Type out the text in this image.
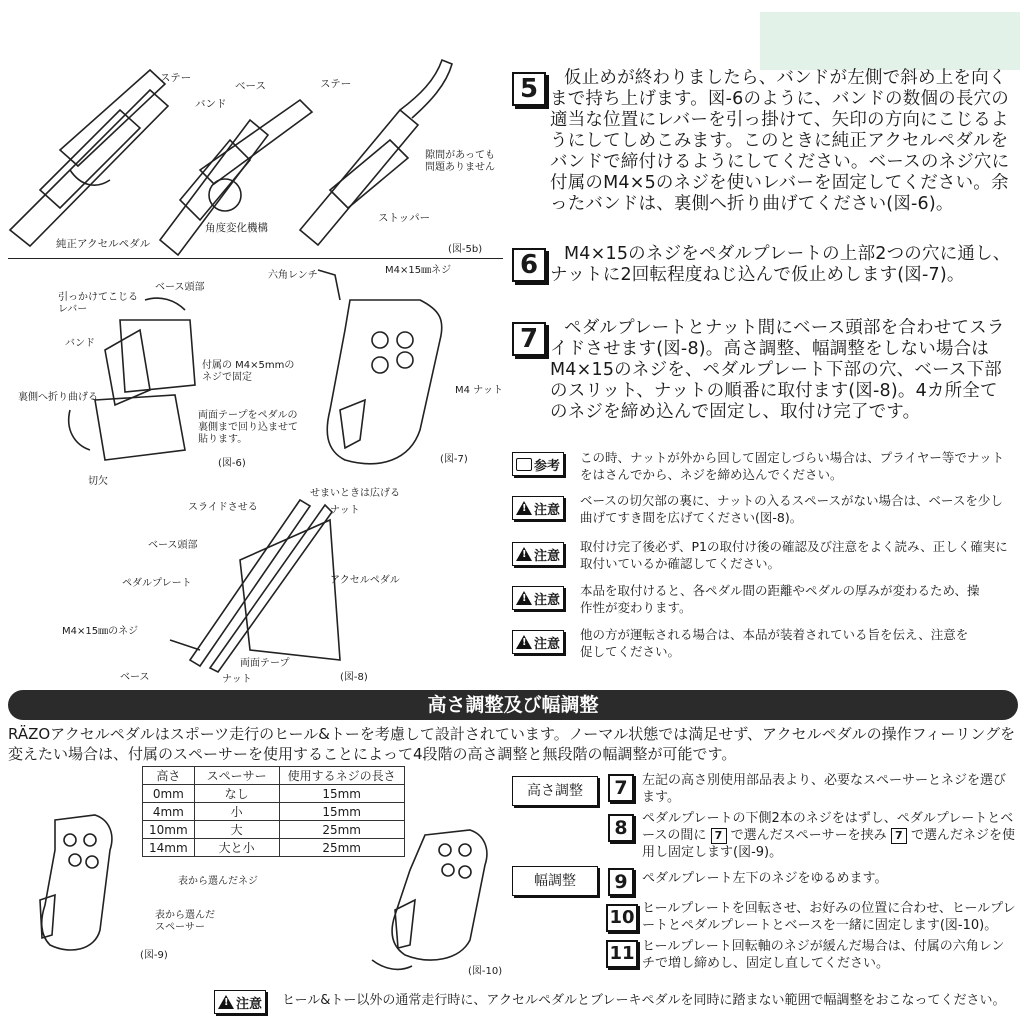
ステー
ベース
バンド
ステー
隙間があっても
問題ありません
角度変化機構
ストッパー
純正アクセルペダル	(図-5b)
ベース頭部
引っかけてこじる
レバー
バンド
付属の M4×5mmの
ネジで固定
裏側へ折り曲げる
両面テープをペダルの
裏側まで回り込ませて
貼ります。
切欠
(図-6)
六角レンチ	M4×15㎜ネジ
M4 ナット
(図-7)
スライドさせる
せまいときは広げる
ナット
ベース頭部
ペダルプレート	アクセルペダル
M4×15㎜のネジ
両面テープ
ベース	ナット	(図-8)
5	仮止めが終わりましたら、バンドが左側で斜め上を向くまで持ち上げます。図-6のように、バンドの数個の長穴の適当な位置にレバーを引っ掛けて、矢印の方向にこじるようにしてしめこみます。このときに純正アクセルペダルをバンドで締付けるようにしてください。ベースのネジ穴に付属のM4×5のネジを使いレバーを固定してください。余ったバンドは、裏側へ折り曲げてください(図-6)。
6	M4×15のネジをペダルプレートの上部2つの穴に通し、ナットに2回転程度ねじ込んで仮止めします(図-7)。
7	ペダルプレートとナット間にベース頭部を合わせてスライドさせます(図-8)。高さ調整、幅調整をしない場合はM4×15のネジを、ペダルプレート下部の穴、ベース下部のスリット、ナットの順番に取付ます(図-8)。4カ所全てのネジを締め込んで固定し、取付け完了です。
参考
この時、ナットが外から回して固定しづらい場合は、プライヤー等でナットをはさんでから、ネジを締め込んでください。
!
注意
ベースの切欠部の裏に、ナットの入るスペースがない場合は、ベースを少し曲げてすき間を広げてください(図-8)。
!
注意
取付け完了後必ず、P1の取付け後の確認及び注意をよく読み、正しく確実に取付いているか確認してください。
!
注意
本品を取付けると、各ペダル間の距離やペダルの厚みが変わるため、操作性が変わります。
!
注意
他の方が運転される場合は、本品が装着されている旨を伝え、注意を促してください。
高さ調整及び幅調整
RÄZOアクセルペダルはスポーツ走行のヒール&トーを考慮して設計されています。ノーマル状態では満足せず、アクセルペダルの操作フィーリングを変えたい場合は、付属のスペーサーを使用することによって4段階の高さ調整と無段階の幅調整が可能です。
高さ	スペーサー	使用するネジの長さ
0mm	なし	15mm
4mm	小	15mm
10mm	大	25mm
14mm	大と小	25mm
表から選んだネジ
表から選んだ
スペーサー
(図-9)
(図-10)
高さ調整
幅調整
7	左記の高さ別使用部品表より、必要なスペーサーとネジを選びます。
8	ペダルプレートの下側2本のネジをはずし、ペダルプレートとベースの間に 7 で選んだスペーサーを挟み 7 で選んだネジを使用し固定します(図-9)。
9	ペダルプレート左下のネジをゆるめます。
10 ヒールプレートを回転させ、お好みの位置に合わせ、ヒールプレートとペダルプレートとベースを一緒に固定します(図-10)。
11 ヒールプレート回転軸のネジが緩んだ場合は、付属の六角レンチで増し締めし、固定し直してください。
!
注意 ヒール&トー以外の通常走行時に、アクセルペダルとブレーキペダルを同時に踏まない範囲で幅調整をおこなってください。
